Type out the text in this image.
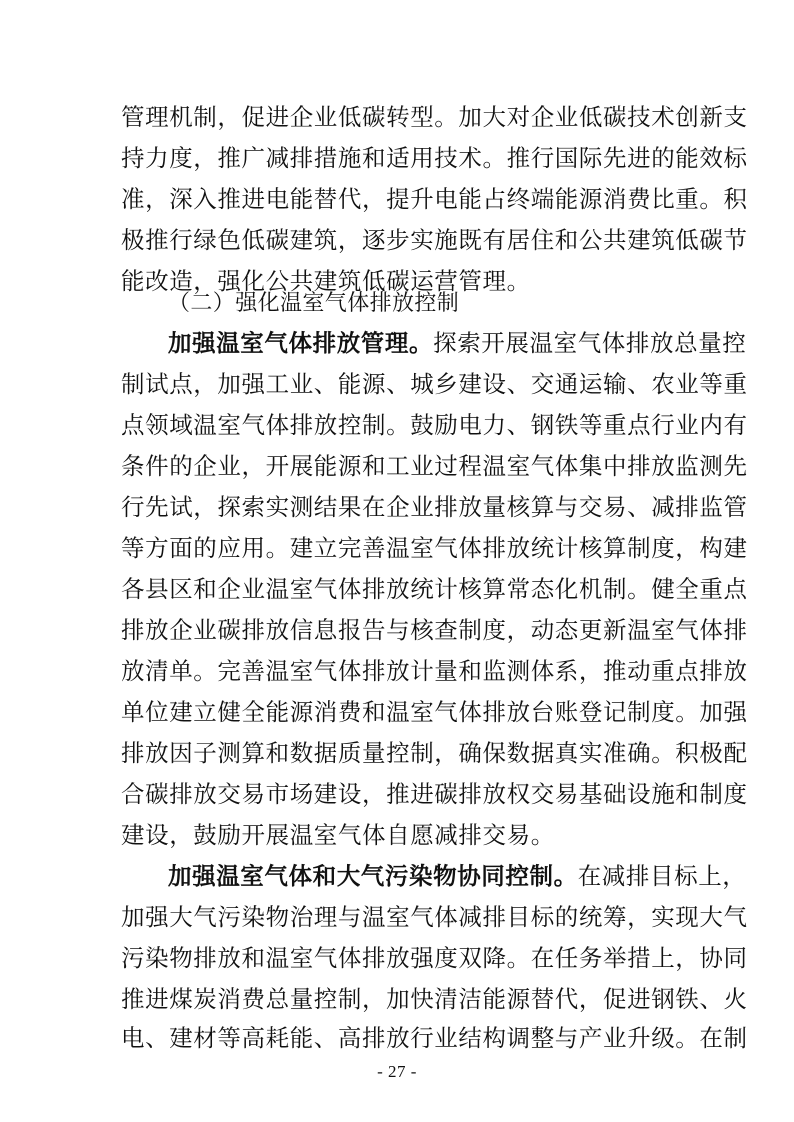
管理机制，促进企业低碳转型。加大对企业低碳技术创新支
持力度，推广减排措施和适用技术。推行国际先进的能效标
准，深入推进电能替代，提升电能占终端能源消费比重。积
极推行绿色低碳建筑，逐步实施既有居住和公共建筑低碳节
能改造，强化公共建筑低碳运营管理。
（二）强化温室气体排放控制
加强温室气体排放管理。探索开展温室气体排放总量控
制试点，加强工业、能源、城乡建设、交通运输、农业等重
点领域温室气体排放控制。鼓励电力、钢铁等重点行业内有
条件的企业，开展能源和工业过程温室气体集中排放监测先
行先试，探索实测结果在企业排放量核算与交易、减排监管
等方面的应用。建立完善温室气体排放统计核算制度，构建
各县区和企业温室气体排放统计核算常态化机制。健全重点
排放企业碳排放信息报告与核查制度，动态更新温室气体排
放清单。完善温室气体排放计量和监测体系，推动重点排放
单位建立健全能源消费和温室气体排放台账登记制度。加强
排放因子测算和数据质量控制，确保数据真实准确。积极配
合碳排放交易市场建设，推进碳排放权交易基础设施和制度
建设，鼓励开展温室气体自愿减排交易。
加强温室气体和大气污染物协同控制。在减排目标上，
加强大气污染物治理与温室气体减排目标的统筹，实现大气
污染物排放和温室气体排放强度双降。在任务举措上，协同
推进煤炭消费总量控制，加快清洁能源替代，促进钢铁、火
电、建材等高耗能、高排放行业结构调整与产业升级。在制
- 27 -
